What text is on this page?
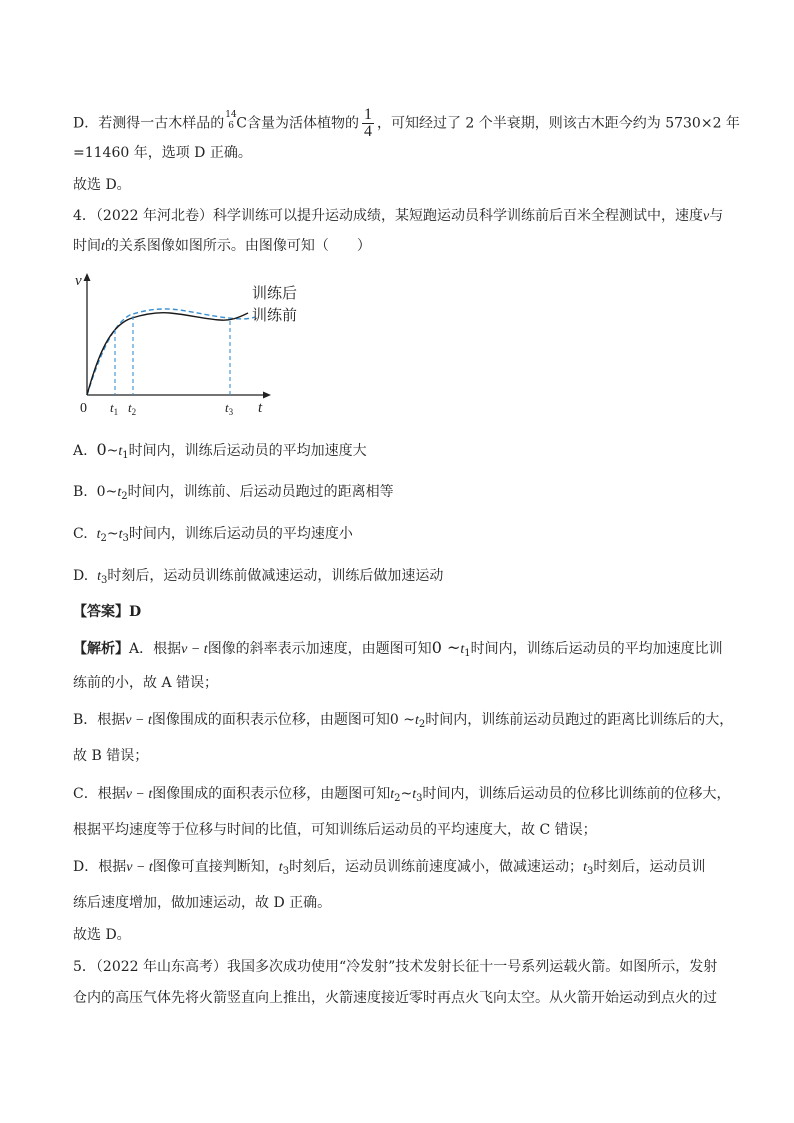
D．若测得一古木样品的
14
6 C含量为活体植物的 $\frac{1}{4}$ ，可知经过了 2 个半衰期，则该古木距今约为 5730×2 年
=11460 年，选项 D 正确。
故选 D。
4．（2022 年河北卷）科学训练可以提升运动成绩，某短跑运动员科学训练前后百米全程测试中，速度v与
时间t的关系图像如图所示。由图像可知（　　）
v
t
0 $t_1$ $t_2$	$t_3$
训练后
训练前
A. $0\sim t_1$时间内，训练后运动员的平均加速度大
B. $0\sim t_2$时间内，训练前、后运动员跑过的距离相等
C. $t_2\sim t_3$时间内，训练后运动员的平均速度小
D. $t_3$时刻后，运动员训练前做减速运动，训练后做加速运动
【答案】D
【解析】A．根据v − t图像的斜率表示加速度，由题图可知0 $\sim t_1$时间内，训练后运动员的平均加速度比训
练前的小，故 A 错误；
B．根据v − t图像围成的面积表示位移，由题图可知0 $\sim t_2$时间内，训练前运动员跑过的距离比训练后的大，
故 B 错误；
C．根据v − t图像围成的面积表示位移，由题图可知$t_2\sim t_3$时间内，训练后运动员的位移比训练前的位移大，
根据平均速度等于位移与时间的比值，可知训练后运动员的平均速度大，故 C 错误；
D．根据v − t图像可直接判断知，$t_3$时刻后，运动员训练前速度减小，做减速运动；$t_3$时刻后，运动员训
练后速度增加，做加速运动，故 D 正确。
故选 D。
5．（2022 年山东高考）我国多次成功使用“冷发射”技术发射长征十一号系列运载火箭。如图所示，发射
仓内的高压气体先将火箭竖直向上推出，火箭速度接近零时再点火飞向太空。从火箭开始运动到点火的过
